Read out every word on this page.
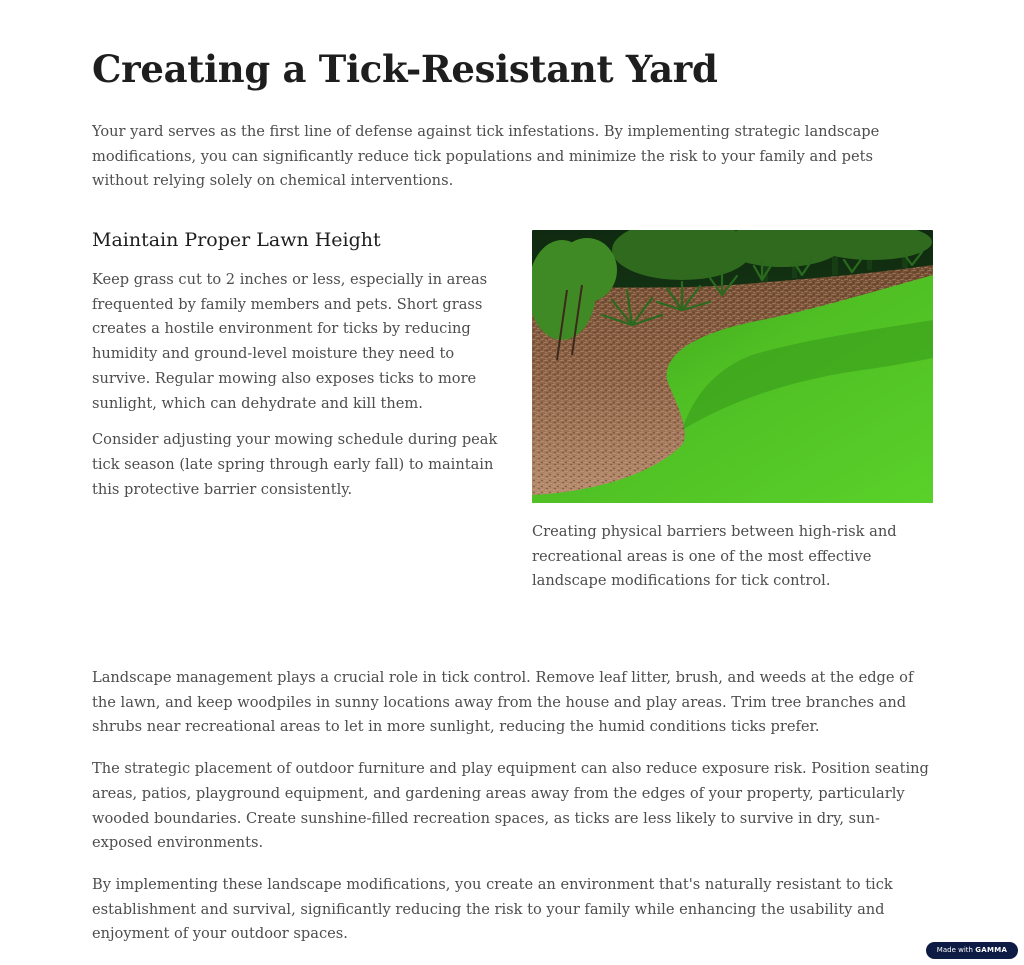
Creating a Tick-Resistant Yard

Your yard serves as the first line of defense against tick infestations. By implementing strategic landscape modifications, you can significantly reduce tick populations and minimize the risk to your family and pets without relying solely on chemical interventions.

Maintain Proper Lawn Height

Keep grass cut to 2 inches or less, especially in areas frequented by family members and pets. Short grass creates a hostile environment for ticks by reducing humidity and ground-level moisture they need to survive. Regular mowing also exposes ticks to more sunlight, which can dehydrate and kill them.

Consider adjusting your mowing schedule during peak tick season (late spring through early fall) to maintain this protective barrier consistently.

Creating physical barriers between high-risk and recreational areas is one of the most effective landscape modifications for tick control.

Landscape management plays a crucial role in tick control. Remove leaf litter, brush, and weeds at the edge of the lawn, and keep woodpiles in sunny locations away from the house and play areas. Trim tree branches and shrubs near recreational areas to let in more sunlight, reducing the humid conditions ticks prefer.

The strategic placement of outdoor furniture and play equipment can also reduce exposure risk. Position seating areas, patios, playground equipment, and gardening areas away from the edges of your property, particularly wooded boundaries. Create sunshine-filled recreation spaces, as ticks are less likely to survive in dry, sun-exposed environments.

By implementing these landscape modifications, you create an environment that's naturally resistant to tick establishment and survival, significantly reducing the risk to your family while enhancing the usability and enjoyment of your outdoor spaces.

Made with GAMMA
